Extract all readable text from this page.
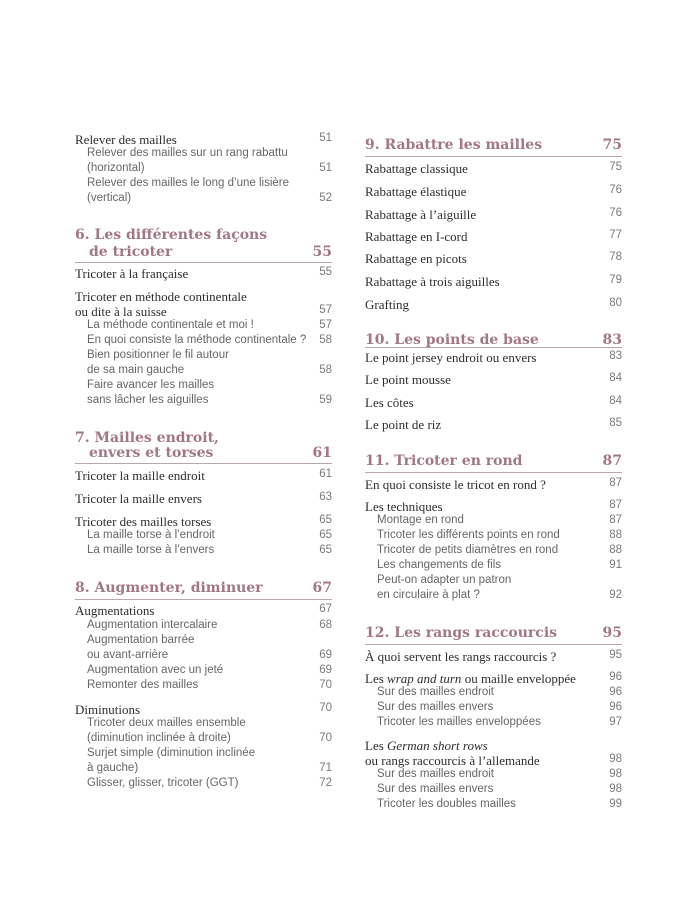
Relever des mailles	51
Relever des mailles sur un rang rabattu
(horizontal)	51
Relever des mailles le long d’une lisière
(vertical)	52
6. Les différentes façons
de tricoter	55
Tricoter à la française	55
Tricoter en méthode continentale
ou dite à la suisse	57
La méthode continentale et moi !	57
En quoi consiste la méthode continentale ? 58
Bien positionner le fil autour
de sa main gauche	58
Faire avancer les mailles
sans lâcher les aiguilles	59
7. Mailles endroit,
envers et torses	61
Tricoter la maille endroit	61
Tricoter la maille envers	63
Tricoter des mailles torses	65
La maille torse à l’endroit	65
La maille torse à l’envers	65
8. Augmenter, diminuer	67
Augmentations	67
Augmentation intercalaire	68
Augmentation barrée
ou avant-arrière	69
Augmentation avec un jeté	69
Remonter des mailles	70
Diminutions	70
Tricoter deux mailles ensemble
(diminution inclinée à droite)	70
Surjet simple (diminution inclinée
à gauche)	71
Glisser, glisser, tricoter (GGT)	72
9. Rabattre les mailles	75
Rabattage classique	75
Rabattage élastique	76
Rabattage à l’aiguille	76
Rabattage en I-cord	77
Rabattage en picots	78
Rabattage à trois aiguilles	79
Grafting	80
10. Les points de base	83
Le point jersey endroit ou envers	83
Le point mousse	84
Les côtes	84
Le point de riz	85
11. Tricoter en rond	87
En quoi consiste le tricot en rond ?	87
Les techniques	87
Montage en rond	87
Tricoter les différents points en rond	88
Tricoter de petits diamètres en rond	88
Les changements de fils	91
Peut-on adapter un patron
en circulaire à plat ?	92
12. Les rangs raccourcis	95
À quoi servent les rangs raccourcis ?	95
Les wrap and turn ou maille enveloppée	96
Sur des mailles endroit	96
Sur des mailles envers	96
Tricoter les mailles enveloppées	97
Les German short rows
ou rangs raccourcis à l’allemande	98
Sur des mailles endroit	98
Sur des mailles envers	98
Tricoter les doubles mailles	99
